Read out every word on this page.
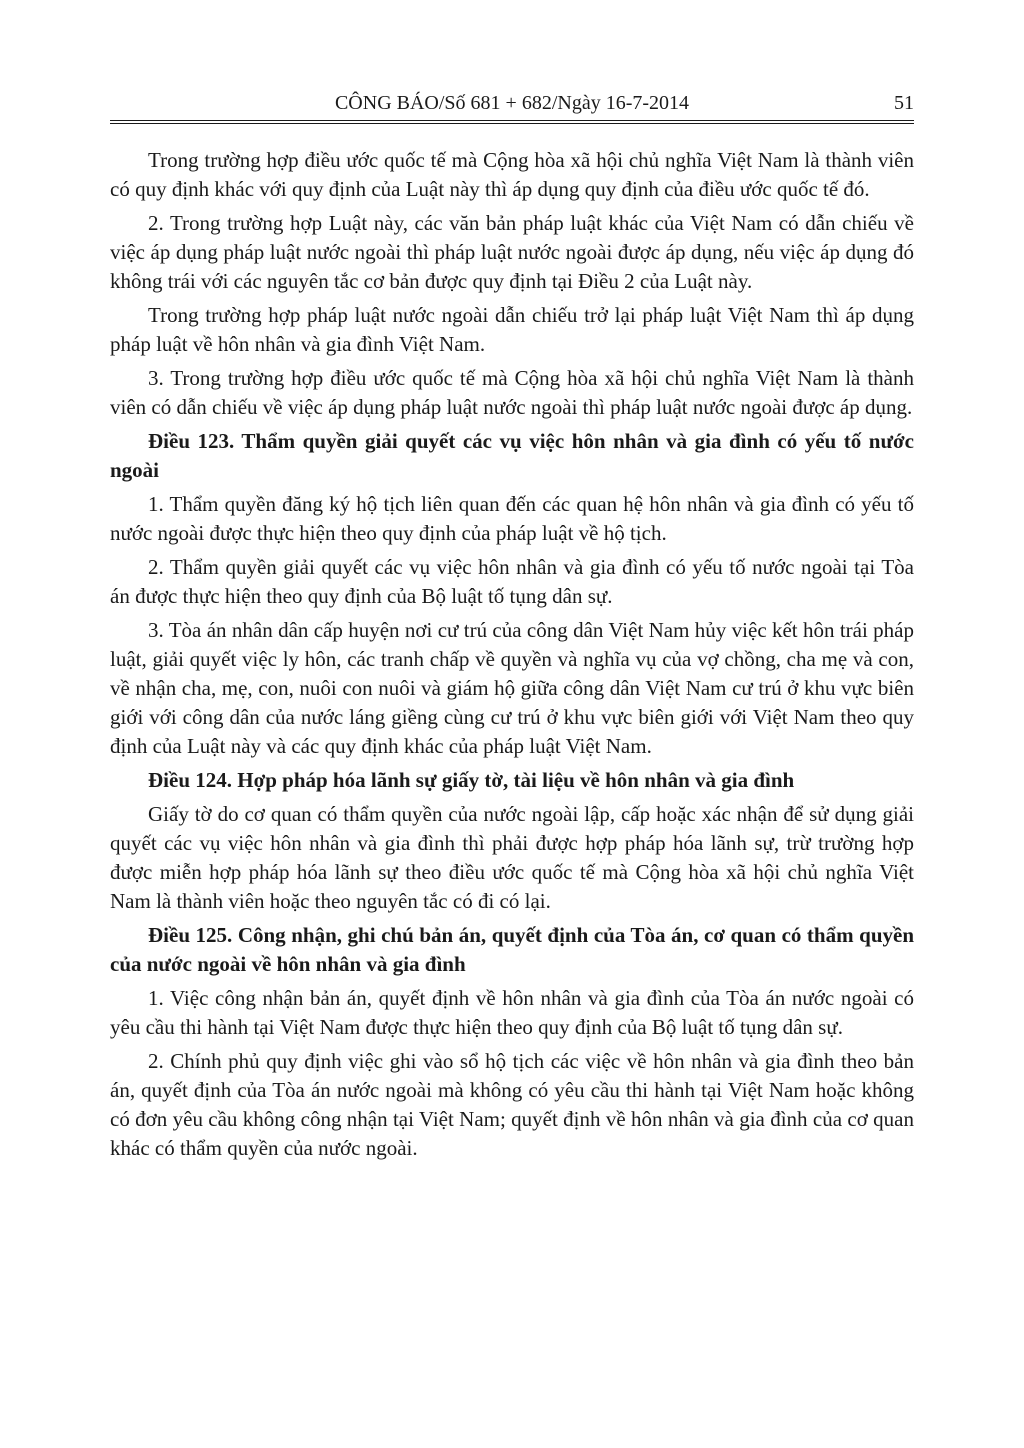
CÔNG BÁO/Số 681 + 682/Ngày 16-7-2014	51

Trong trường hợp điều ước quốc tế mà Cộng hòa xã hội chủ nghĩa Việt Nam là thành viên có quy định khác với quy định của Luật này thì áp dụng quy định của điều ước quốc tế đó.

2. Trong trường hợp Luật này, các văn bản pháp luật khác của Việt Nam có dẫn chiếu về việc áp dụng pháp luật nước ngoài thì pháp luật nước ngoài được áp dụng, nếu việc áp dụng đó không trái với các nguyên tắc cơ bản được quy định tại Điều 2 của Luật này.

Trong trường hợp pháp luật nước ngoài dẫn chiếu trở lại pháp luật Việt Nam thì áp dụng pháp luật về hôn nhân và gia đình Việt Nam.

3. Trong trường hợp điều ước quốc tế mà Cộng hòa xã hội chủ nghĩa Việt Nam là thành viên có dẫn chiếu về việc áp dụng pháp luật nước ngoài thì pháp luật nước ngoài được áp dụng.

Điều 123. Thẩm quyền giải quyết các vụ việc hôn nhân và gia đình có yếu tố nước ngoài

1. Thẩm quyền đăng ký hộ tịch liên quan đến các quan hệ hôn nhân và gia đình có yếu tố nước ngoài được thực hiện theo quy định của pháp luật về hộ tịch.

2. Thẩm quyền giải quyết các vụ việc hôn nhân và gia đình có yếu tố nước ngoài tại Tòa án được thực hiện theo quy định của Bộ luật tố tụng dân sự.

3. Tòa án nhân dân cấp huyện nơi cư trú của công dân Việt Nam hủy việc kết hôn trái pháp luật, giải quyết việc ly hôn, các tranh chấp về quyền và nghĩa vụ của vợ chồng, cha mẹ và con, về nhận cha, mẹ, con, nuôi con nuôi và giám hộ giữa công dân Việt Nam cư trú ở khu vực biên giới với công dân của nước láng giềng cùng cư trú ở khu vực biên giới với Việt Nam theo quy định của Luật này và các quy định khác của pháp luật Việt Nam.

Điều 124. Hợp pháp hóa lãnh sự giấy tờ, tài liệu về hôn nhân và gia đình

Giấy tờ do cơ quan có thẩm quyền của nước ngoài lập, cấp hoặc xác nhận để sử dụng giải quyết các vụ việc hôn nhân và gia đình thì phải được hợp pháp hóa lãnh sự, trừ trường hợp được miễn hợp pháp hóa lãnh sự theo điều ước quốc tế mà Cộng hòa xã hội chủ nghĩa Việt Nam là thành viên hoặc theo nguyên tắc có đi có lại.

Điều 125. Công nhận, ghi chú bản án, quyết định của Tòa án, cơ quan có thẩm quyền của nước ngoài về hôn nhân và gia đình

1. Việc công nhận bản án, quyết định về hôn nhân và gia đình của Tòa án nước ngoài có yêu cầu thi hành tại Việt Nam được thực hiện theo quy định của Bộ luật tố tụng dân sự.

2. Chính phủ quy định việc ghi vào sổ hộ tịch các việc về hôn nhân và gia đình theo bản án, quyết định của Tòa án nước ngoài mà không có yêu cầu thi hành tại Việt Nam hoặc không có đơn yêu cầu không công nhận tại Việt Nam; quyết định về hôn nhân và gia đình của cơ quan khác có thẩm quyền của nước ngoài.
